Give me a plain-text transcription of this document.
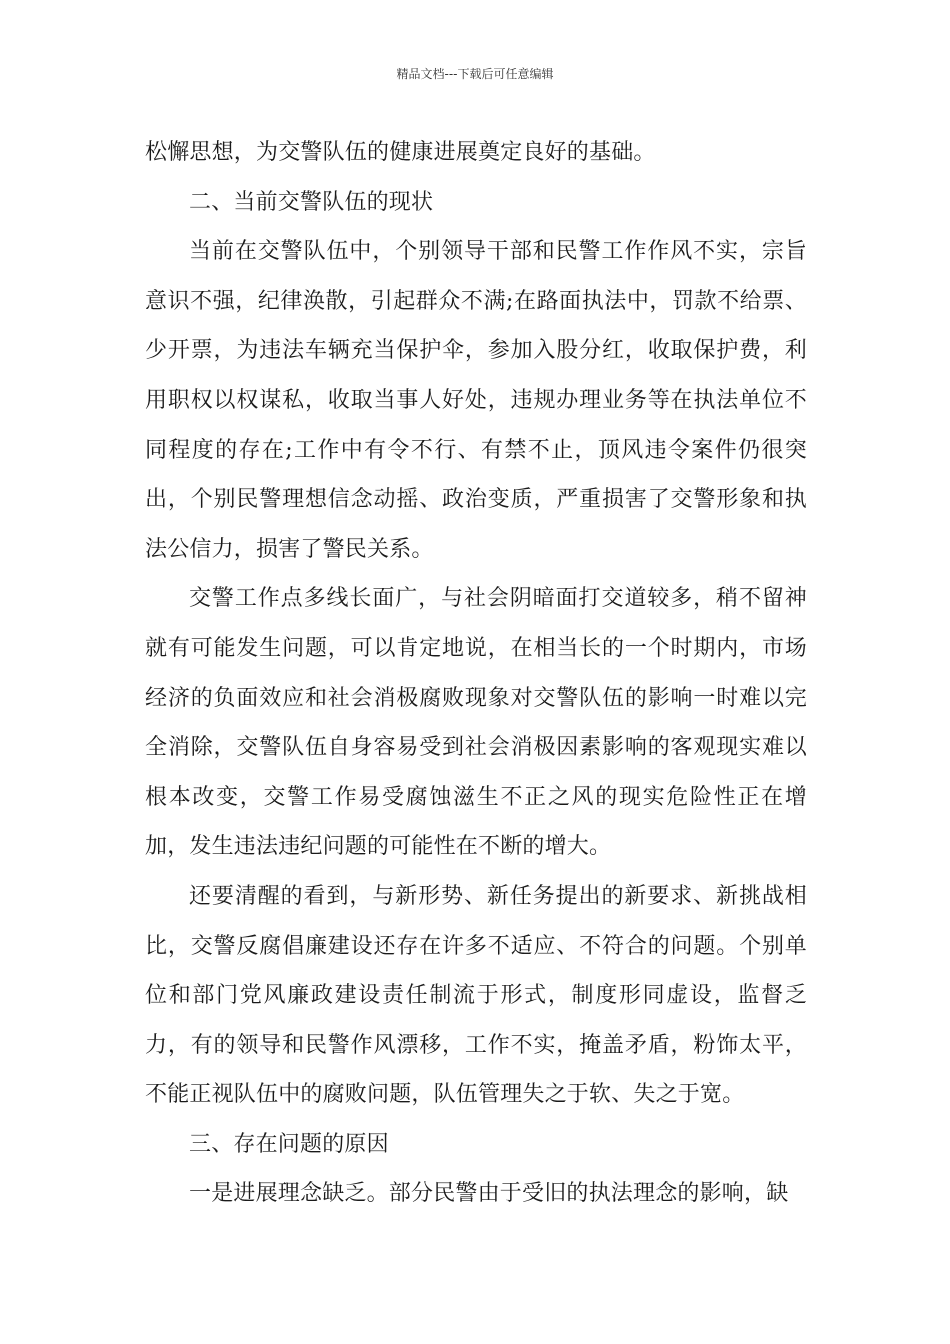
精品文档---下载后可任意编辑

松懈思想，为交警队伍的健康进展奠定良好的基础。

二、当前交警队伍的现状

当前在交警队伍中，个别领导干部和民警工作作风不实，宗旨意识不强，纪律涣散，引起群众不满;在路面执法中，罚款不给票、少开票，为违法车辆充当保护伞，参加入股分红，收取保护费，利用职权以权谋私，收取当事人好处，违规办理业务等在执法单位不同程度的存在;工作中有令不行、有禁不止，顶风违令案件仍很突出，个别民警理想信念动摇、政治变质，严重损害了交警形象和执法公信力，损害了警民关系。

交警工作点多线长面广，与社会阴暗面打交道较多，稍不留神就有可能发生问题，可以肯定地说，在相当长的一个时期内，市场经济的负面效应和社会消极腐败现象对交警队伍的影响一时难以完全消除，交警队伍自身容易受到社会消极因素影响的客观现实难以根本改变，交警工作易受腐蚀滋生不正之风的现实危险性正在增加，发生违法违纪问题的可能性在不断的增大。

还要清醒的看到，与新形势、新任务提出的新要求、新挑战相比，交警反腐倡廉建设还存在许多不适应、不符合的问题。个别单位和部门党风廉政建设责任制流于形式，制度形同虚设，监督乏力，有的领导和民警作风漂移，工作不实，掩盖矛盾，粉饰太平，不能正视队伍中的腐败问题，队伍管理失之于软、失之于宽。

三、存在问题的原因

一是进展理念缺乏。部分民警由于受旧的执法理念的影响，缺
